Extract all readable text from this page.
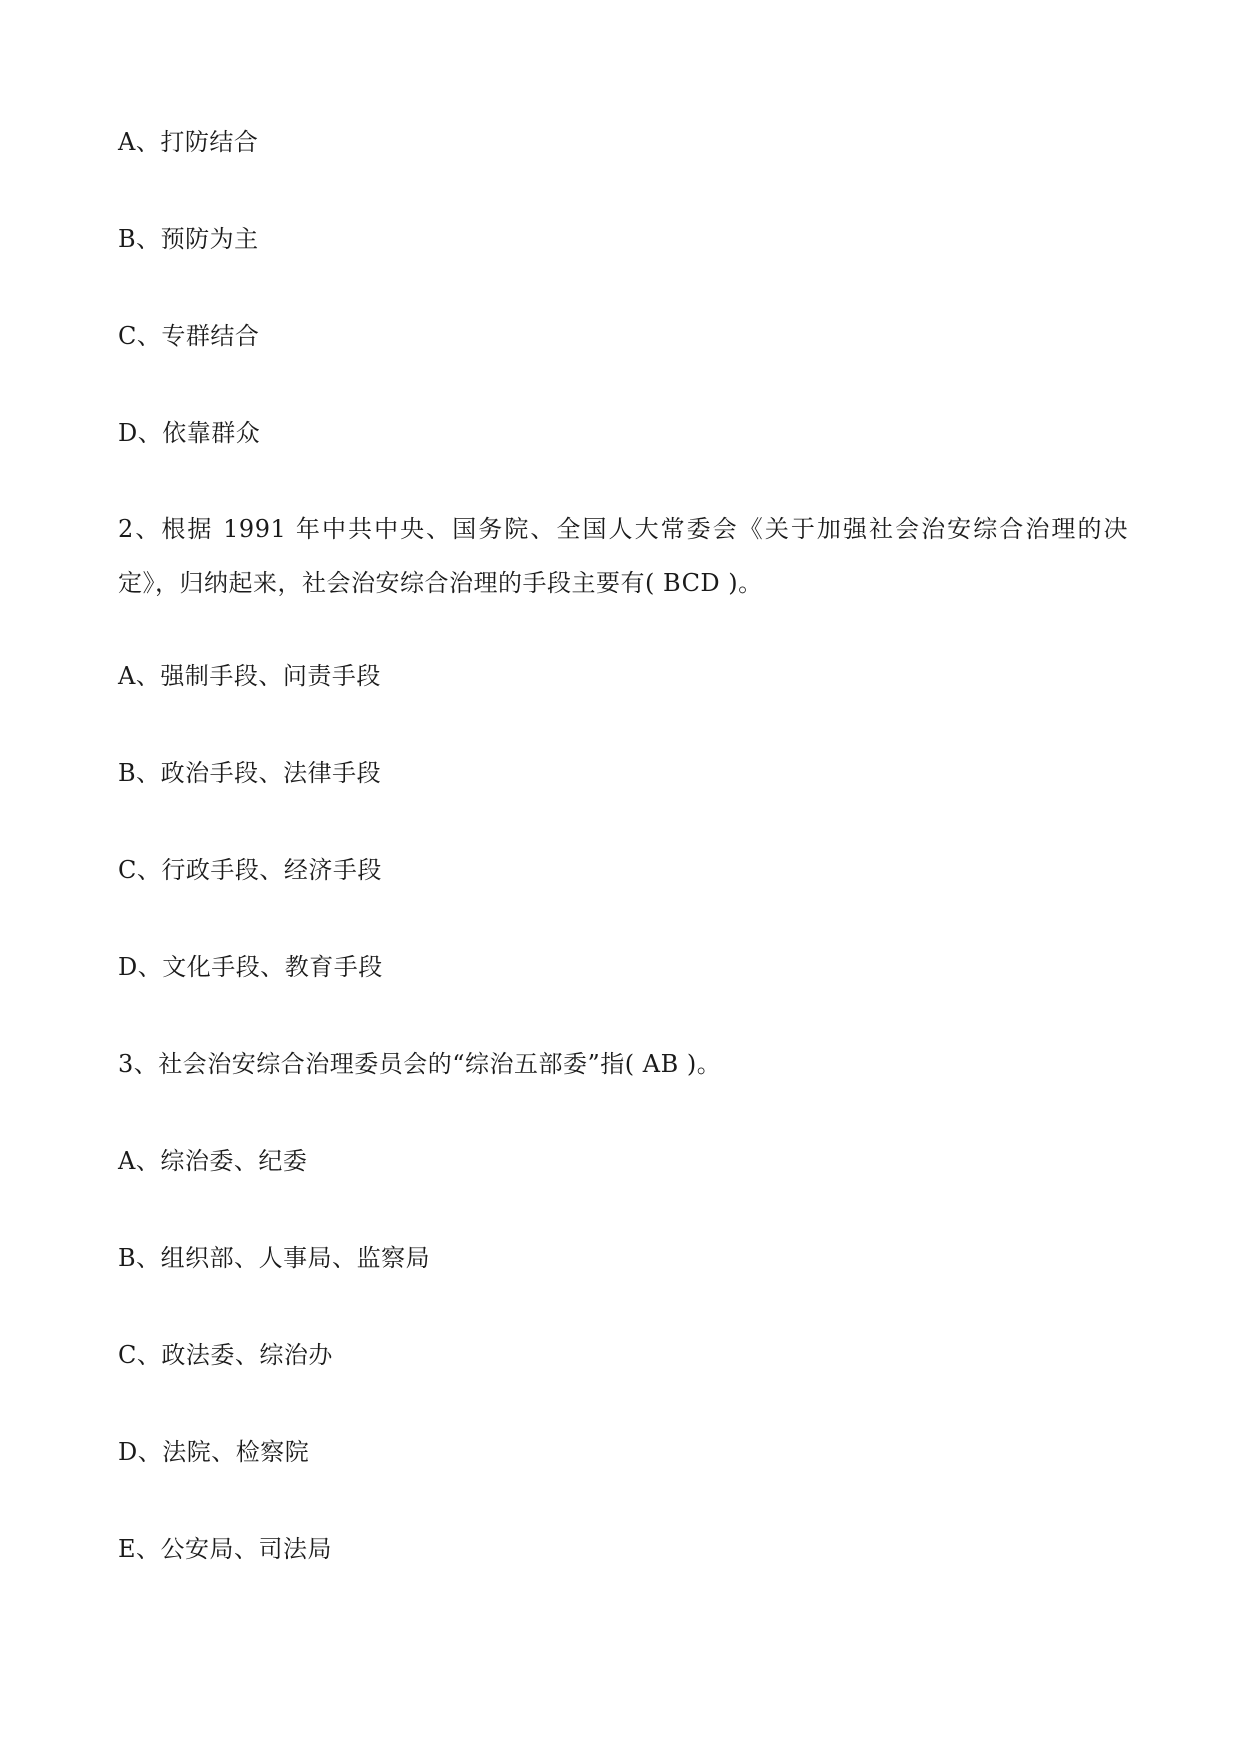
A、打防结合
B、预防为主
C、专群结合
D、依靠群众
2、根据 1991 年中共中央、国务院、全国人大常委会《关于加强社会治安综合治理的决定》，归纳起来，社会治安综合治理的手段主要有( BCD )。
A、强制手段、问责手段
B、政治手段、法律手段
C、行政手段、经济手段
D、文化手段、教育手段
3、社会治安综合治理委员会的“综治五部委”指( AB )。
A、综治委、纪委
B、组织部、人事局、监察局
C、政法委、综治办
D、法院、检察院
E、公安局、司法局
